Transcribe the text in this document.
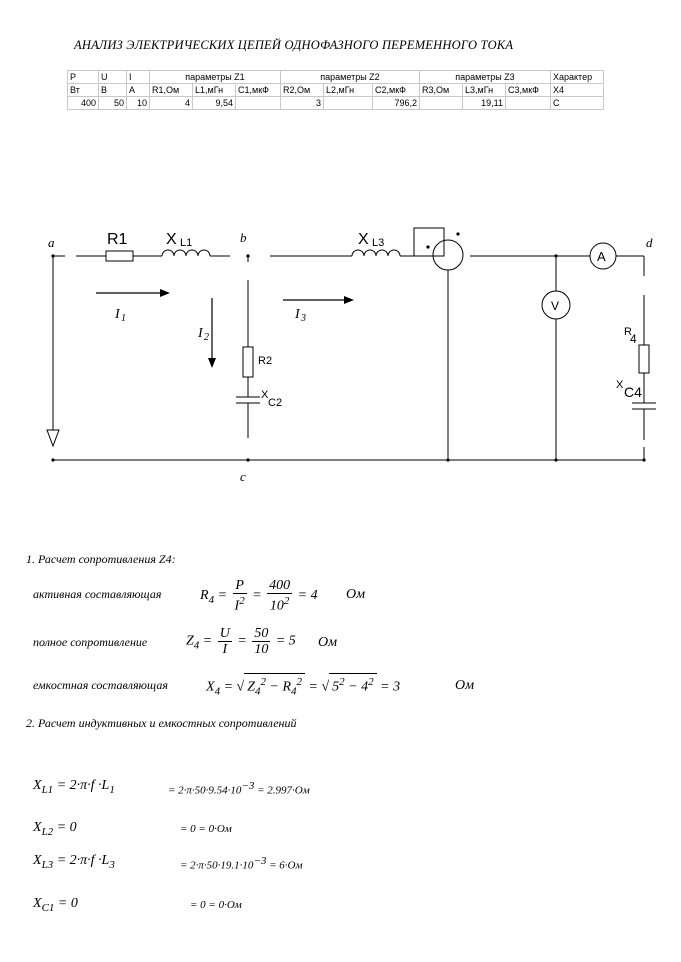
АНАЛИЗ ЭЛЕКТРИЧЕСКИХ ЦЕПЕЙ ОДНОФАЗНОГО ПЕРЕМЕННОГО ТОКА
P	U	I	параметры Z1			параметры Z2			параметры Z3			Характер
Вт	В	А	R1,Ом	L1,мГн	C1,мкФ	R2,Ом	L2,мГн	C2,мкФ	R3,Ом	L3,мГн	C3,мкФ	X4
400	50	10	4	9,54		3		796,2		19,11		C
a	b
c
d
R1 X L1	X L3
R2
X
C2
R
4
X C4
A
V
I 1
I 2
I 3
1. Расчет сопротивления Z4:
активная составляющая	$R_4 = \frac{P}{I^2} = \frac{400}{10^2} = 4$ Ом
полное сопротивление	$Z_4 = \frac{U}{I} = \frac{50}{10} = 5$ Ом
емкостная составляющая	$X_4$ = √ $Z_4^2 - R_4^2$ = √ $5^2 - 4^2 = 3$	Ом
2. Расчет индуктивных и емкостных сопротивлений
$X_{L1} = 2\cdot\pi\cdot f \cdot L_1$	= $2\cdot\pi\cdot 50\cdot 9.54\cdot 10^{-3} = 2.997\cdot Ом$
$X_{L2} = 0$	= 0 = 0·Ом
$X_{L3} = 2\cdot\pi\cdot f \cdot L_3$	= $2\cdot\pi\cdot 50\cdot 19.1\cdot 10^{-3} = 6\cdot Ом$
$X_{C1} = 0$	= 0 = 0·Ом
